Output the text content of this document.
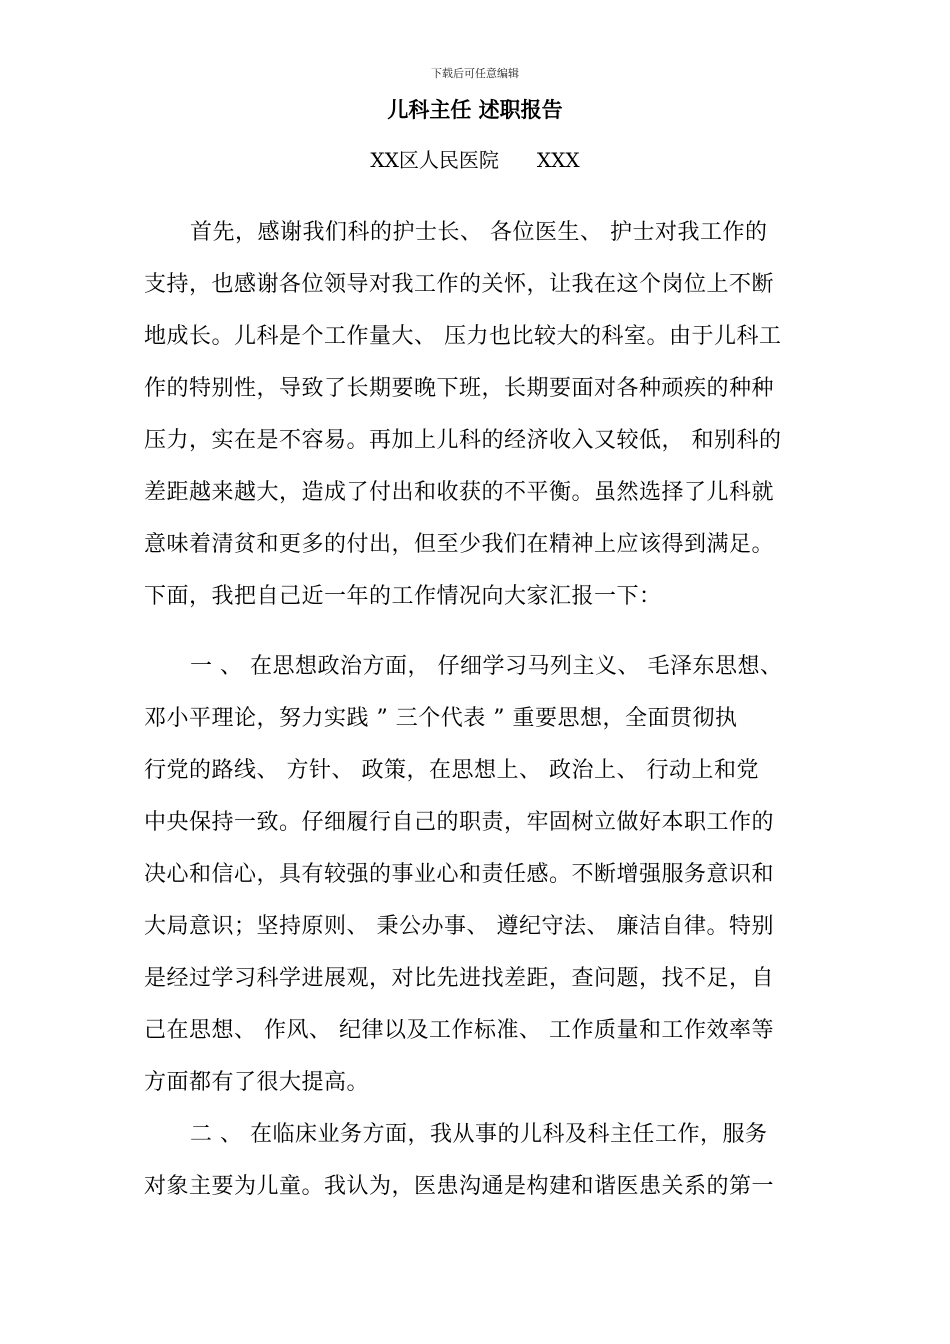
下载后可任意编辑
儿科主任 述职报告
XX区人民医院 XXX
首先，感谢我们科的护士长、 各位医生、 护士对我工作的
支持，也感谢各位领导对我工作的关怀，让我在这个岗位上不断
地成长。儿科是个工作量大、 压力也比较大的科室。由于儿科工
作的特别性，导致了长期要晚下班，长期要面对各种顽疾的种种
压力，实在是不容易。再加上儿科的经济收入又较低， 和别科的
差距越来越大，造成了付出和收获的不平衡。虽然选择了儿科就
意味着清贫和更多的付出，但至少我们在精神上应该得到满足。
下面，我把自己近一年的工作情况向大家汇报一下：
一 、 在思想政治方面， 仔细学习马列主义、 毛泽东思想、
邓小平理论，努力实践 ” 三个代表 ” 重要思想，全面贯彻执
行党的路线、 方针、 政策，在思想上、 政治上、 行动上和党
中央保持一致。仔细履行自己的职责，牢固树立做好本职工作的
决心和信心，具有较强的事业心和责任感。不断增强服务意识和
大局意识；坚持原则、 秉公办事、 遵纪守法、 廉洁自律。特别
是经过学习科学进展观，对比先进找差距，查问题，找不足，自
己在思想、 作风、 纪律以及工作标准、 工作质量和工作效率等
方面都有了很大提高。
二 、 在临床业务方面，我从事的儿科及科主任工作，服务
对象主要为儿童。我认为，医患沟通是构建和谐医患关系的第一
